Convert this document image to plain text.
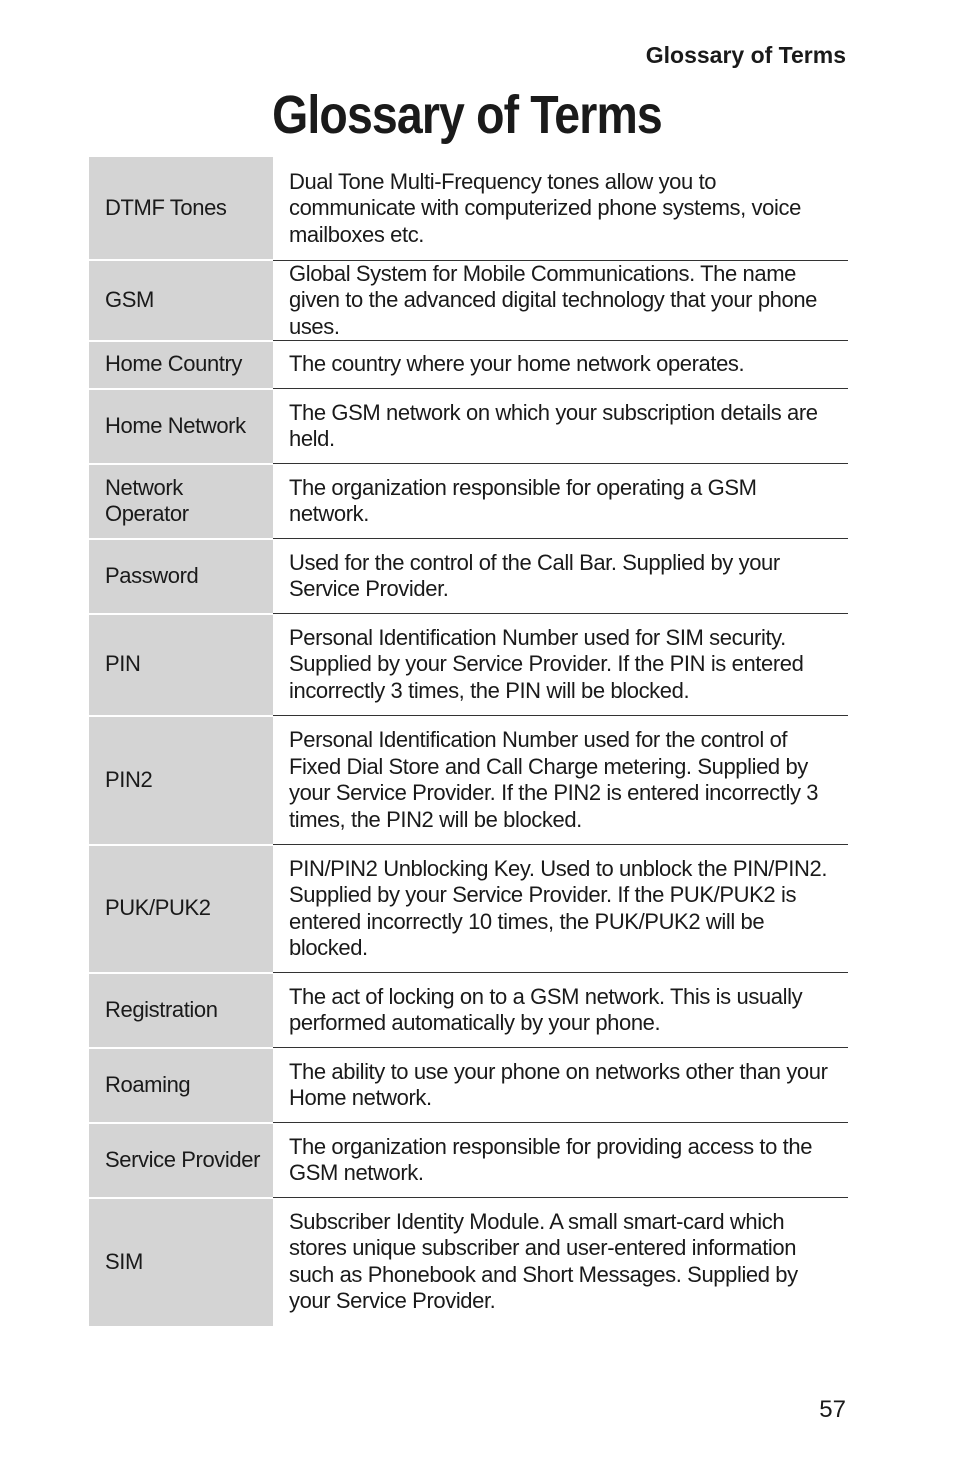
Glossary of Terms
Glossary of Terms
DTMF Tones	Dual Tone Multi-Frequency tones allow you to communicate with computerized phone systems, voice mailboxes etc.
GSM	Global System for Mobile Communications. The name given to the advanced digital technology that your phone uses.
Home Country	The country where your home network operates.
Home Network	The GSM network on which your subscription details are held.
Network Operator	The organization responsible for operating a GSM network.
Password	Used for the control of the Call Bar. Supplied by your Service Provider.
PIN	Personal Identification Number used for SIM security. Supplied by your Service Provider. If the PIN is entered incorrectly 3 times, the PIN will be blocked.
PIN2	Personal Identification Number used for the control of Fixed Dial Store and Call Charge metering. Supplied by your Service Provider. If the PIN2 is entered incorrectly 3 times, the PIN2 will be blocked.
PUK/PUK2	PIN/PIN2 Unblocking Key. Used to unblock the PIN/PIN2. Supplied by your Service Provider. If the PUK/PUK2 is entered incorrectly 10 times, the PUK/PUK2 will be blocked.
Registration	The act of locking on to a GSM network. This is usually performed automatically by your phone.
Roaming	The ability to use your phone on networks other than your Home network.
Service Provider	The organization responsible for providing access to the GSM network.
SIM	Subscriber Identity Module. A small smart-card which stores unique subscriber and user-entered information such as Phonebook and Short Messages. Supplied by your Service Provider.
57
